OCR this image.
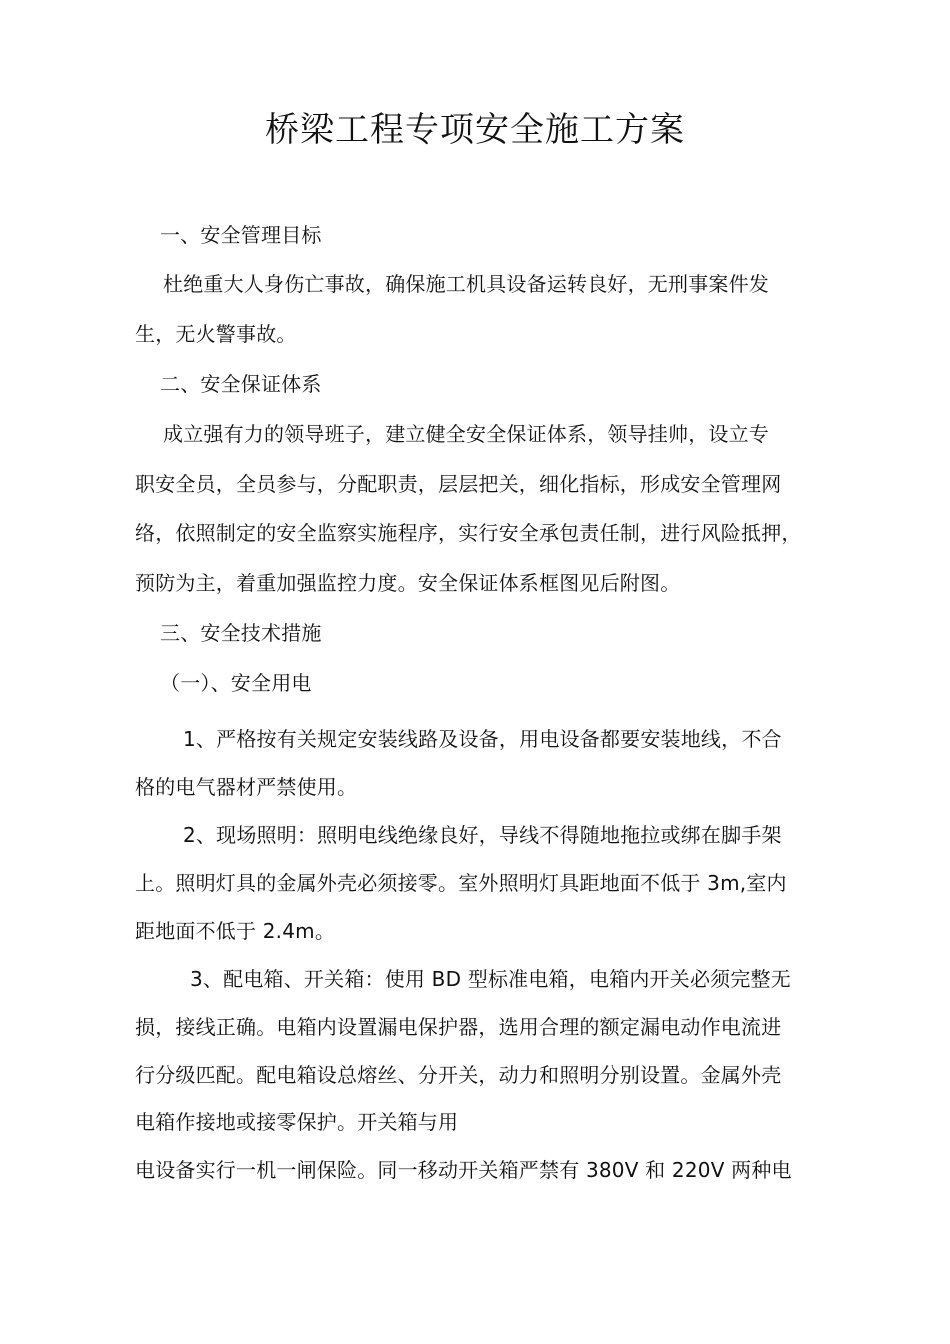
桥梁工程专项安全施工方案
一、安全管理目标
杜绝重大人身伤亡事故，确保施工机具设备运转良好，无刑事案件发
生，无火警事故。
二、安全保证体系
成立强有力的领导班子，建立健全安全保证体系，领导挂帅，设立专
职安全员，全员参与，分配职责，层层把关，细化指标，形成安全管理网
络，依照制定的安全监察实施程序，实行安全承包责任制，进行风险抵押，
预防为主，着重加强监控力度。安全保证体系框图见后附图。
三、安全技术措施
（一）、安全用电
1、严格按有关规定安装线路及设备，用电设备都要安装地线，不合
格的电气器材严禁使用。
2、现场照明：照明电线绝缘良好，导线不得随地拖拉或绑在脚手架
上。照明灯具的金属外壳必须接零。室外照明灯具距地面不低于 3m,室内
距地面不低于 2.4m。
3、配电箱、开关箱：使用 BD 型标准电箱，电箱内开关必须完整无
损，接线正确。电箱内设置漏电保护器，选用合理的额定漏电动作电流进
行分级匹配。配电箱设总熔丝、分开关，动力和照明分别设置。金属外壳
电箱作接地或接零保护。开关箱与用
电设备实行一机一闸保险。同一移动开关箱严禁有 380V 和 220V 两种电
